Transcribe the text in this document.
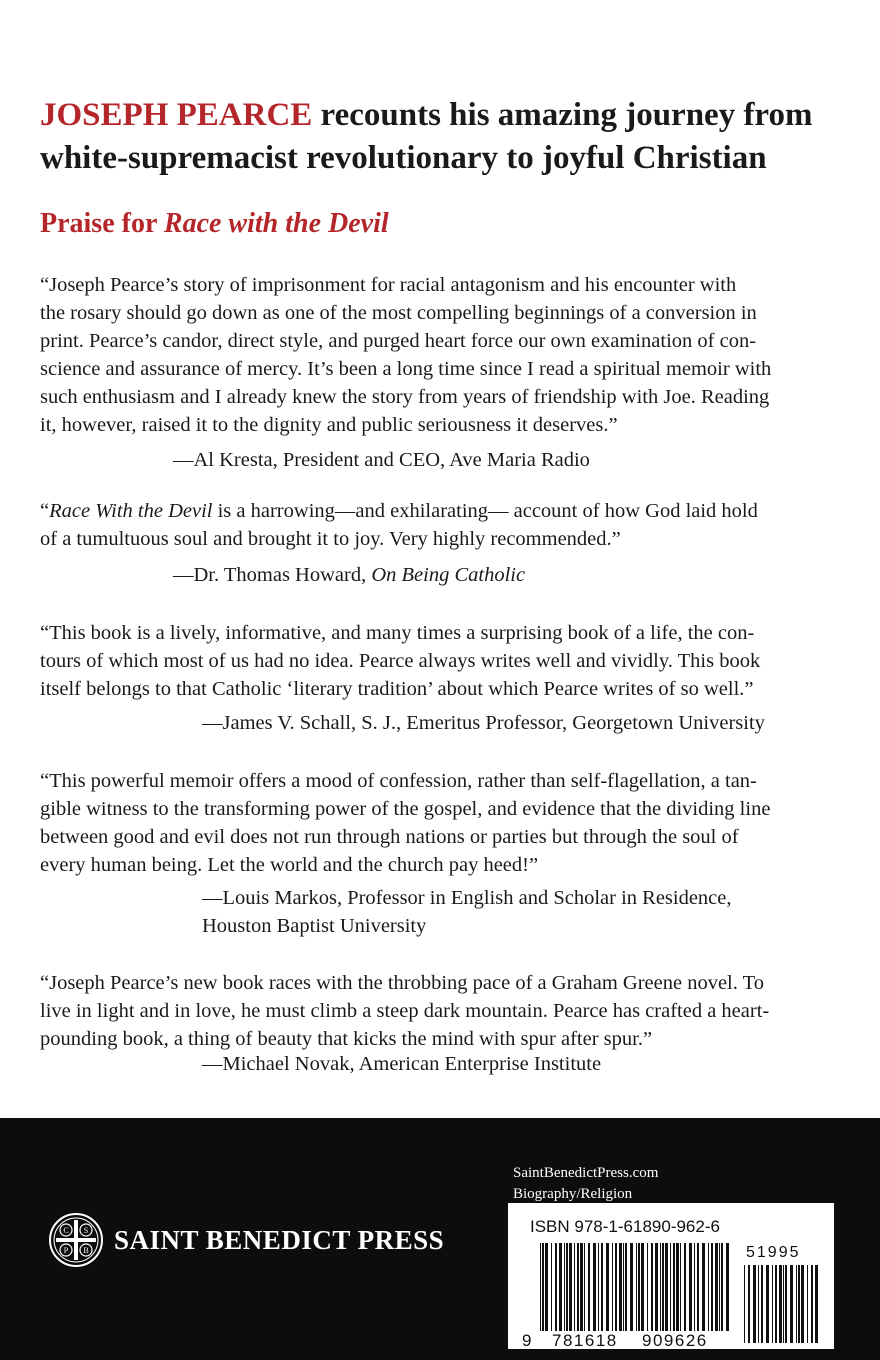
JOSEPH PEARCE recounts his amazing journey from
white-supremacist revolutionary to joyful Christian
Praise for Race with the Devil
“Joseph Pearce’s story of imprisonment for racial antagonism and his encounter with
the rosary should go down as one of the most compelling beginnings of a conversion in
print. Pearce’s candor, direct style, and purged heart force our own examination of con-
science and assurance of mercy. It’s been a long time since I read a spiritual memoir with
such enthusiasm and I already knew the story from years of friendship with Joe. Reading
it, however, raised it to the dignity and public seriousness it deserves.”
—Al Kresta, President and CEO, Ave Maria Radio
“Race With the Devil is a harrowing—and exhilarating— account of how God laid hold
of a tumultuous soul and brought it to joy. Very highly recommended.”
—Dr. Thomas Howard, On Being Catholic
“This book is a lively, informative, and many times a surprising book of a life, the con-
tours of which most of us had no idea. Pearce always writes well and vividly. This book
itself belongs to that Catholic ‘literary tradition’ about which Pearce writes of so well.”
—James V. Schall, S. J., Emeritus Professor, Georgetown University
“This powerful memoir offers a mood of confession, rather than self-flagellation, a tan-
gible witness to the transforming power of the gospel, and evidence that the dividing line
between good and evil does not run through nations or parties but through the soul of
every human being. Let the world and the church pay heed!”
—Louis Markos, Professor in English and Scholar in Residence,
Houston Baptist University
“Joseph Pearce’s new book races with the throbbing pace of a Graham Greene novel. To
live in light and in love, he must climb a steep dark mountain. Pearce has crafted a heart-
pounding book, a thing of beauty that kicks the mind with spur after spur.”
—Michael Novak, American Enterprise Institute
SaintBenedictPress.com
Biography/Religion
C S
P B SAINT BENEDICT PRESS	ISBN 978-1-61890-962-6
51995
9 781618 909626
